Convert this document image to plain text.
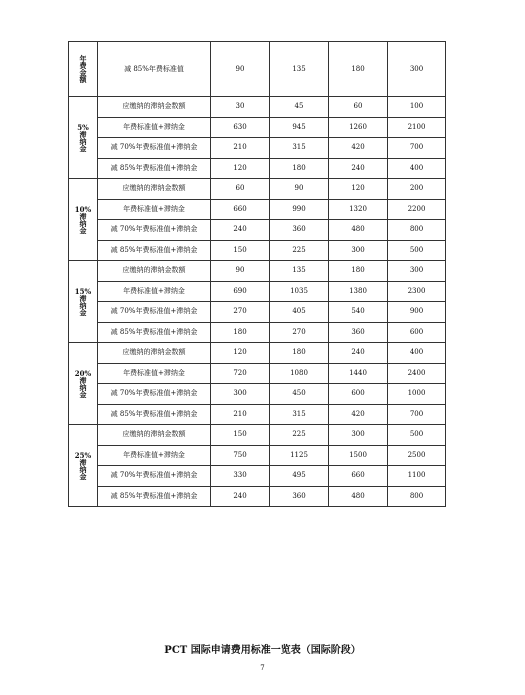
年
费
金
额	减 85%年费标准值	90	135	180	300

5%
滞
纳
金	应缴纳的滞纳金数额	30	45	60	100
	年费标准值+滞纳金	630	945	1260	2100
	减 70%年费标准值+滞纳金	210	315	420	700
	减 85%年费标准值+滞纳金	120	180	240	400

10%
滞
纳
金	应缴纳的滞纳金数额	60	90	120	200
	年费标准值+滞纳金	660	990	1320	2200
	减 70%年费标准值+滞纳金	240	360	480	800
	减 85%年费标准值+滞纳金	150	225	300	500

15%
滞
纳
金	应缴纳的滞纳金数额	90	135	180	300
	年费标准值+滞纳金	690	1035	1380	2300
	减 70%年费标准值+滞纳金	270	405	540	900
	减 85%年费标准值+滞纳金	180	270	360	600

20%
滞
纳
金	应缴纳的滞纳金数额	120	180	240	400
	年费标准值+滞纳金	720	1080	1440	2400
	减 70%年费标准值+滞纳金	300	450	600	1000
	减 85%年费标准值+滞纳金	210	315	420	700

25%
滞
纳
金	应缴纳的滞纳金数额	150	225	300	500
	年费标准值+滞纳金	750	1125	1500	2500
	减 70%年费标准值+滞纳金	330	495	660	1100
	减 85%年费标准值+滞纳金	240	360	480	800
PCT 国际申请费用标准一览表（国际阶段）
7
